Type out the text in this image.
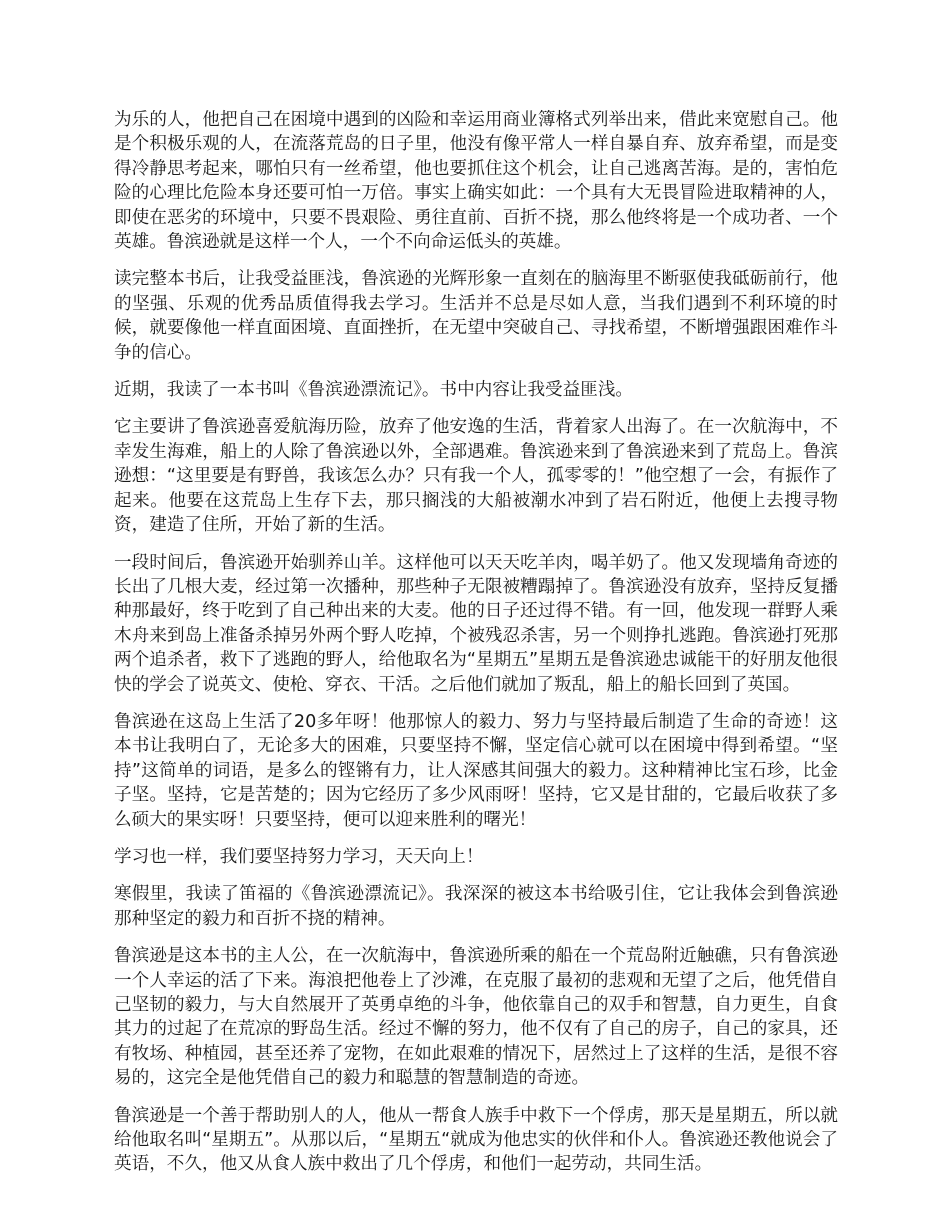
为乐的人，他把自己在困境中遇到的凶险和幸运用商业簿格式列举出来，借此来宽慰自己。他是个积极乐观的人，在流落荒岛的日子里，他没有像平常人一样自暴自弃、放弃希望，而是变得冷静思考起来，哪怕只有一丝希望，他也要抓住这个机会，让自己逃离苦海。是的，害怕危险的心理比危险本身还要可怕一万倍。事实上确实如此：一个具有大无畏冒险进取精神的人，即使在恶劣的环境中，只要不畏艰险、勇往直前、百折不挠，那么他终将是一个成功者、一个英雄。鲁滨逊就是这样一个人，一个不向命运低头的英雄。

读完整本书后，让我受益匪浅，鲁滨逊的光辉形象一直刻在的脑海里不断驱使我砥砺前行，他的坚强、乐观的优秀品质值得我去学习。生活并不总是尽如人意，当我们遇到不利环境的时候，就要像他一样直面困境、直面挫折，在无望中突破自己、寻找希望，不断增强跟困难作斗争的信心。

近期，我读了一本书叫《鲁滨逊漂流记》。书中内容让我受益匪浅。

它主要讲了鲁滨逊喜爱航海历险，放弃了他安逸的生活，背着家人出海了。在一次航海中，不幸发生海难，船上的人除了鲁滨逊以外，全部遇难。鲁滨逊来到了鲁滨逊来到了荒岛上。鲁滨逊想：“这里要是有野兽，我该怎么办？只有我一个人，孤零零的！”他空想了一会，有振作了起来。他要在这荒岛上生存下去，那只搁浅的大船被潮水冲到了岩石附近，他便上去搜寻物资，建造了住所，开始了新的生活。

一段时间后，鲁滨逊开始驯养山羊。这样他可以天天吃羊肉，喝羊奶了。他又发现墙角奇迹的长出了几根大麦，经过第一次播种，那些种子无限被糟蹋掉了。鲁滨逊没有放弃，坚持反复播种那最好，终于吃到了自己种出来的大麦。他的日子还过得不错。有一回，他发现一群野人乘木舟来到岛上准备杀掉另外两个野人吃掉，个被残忍杀害，另一个则挣扎逃跑。鲁滨逊打死那两个追杀者，救下了逃跑的野人，给他取名为“星期五”星期五是鲁滨逊忠诚能干的好朋友他很快的学会了说英文、使枪、穿衣、干活。之后他们就加了叛乱，船上的船长回到了英国。

鲁滨逊在这岛上生活了20多年呀！他那惊人的毅力、努力与坚持最后制造了生命的奇迹！这本书让我明白了，无论多大的困难，只要坚持不懈，坚定信心就可以在困境中得到希望。“坚持”这简单的词语，是多么的铿锵有力，让人深感其间强大的毅力。这种精神比宝石珍，比金子坚。坚持，它是苦楚的；因为它经历了多少风雨呀！坚持，它又是甘甜的，它最后收获了多么硕大的果实呀！只要坚持，便可以迎来胜利的曙光！

学习也一样，我们要坚持努力学习，天天向上！

寒假里，我读了笛福的《鲁滨逊漂流记》。我深深的被这本书给吸引住，它让我体会到鲁滨逊那种坚定的毅力和百折不挠的精神。

鲁滨逊是这本书的主人公，在一次航海中，鲁滨逊所乘的船在一个荒岛附近触礁，只有鲁滨逊一个人幸运的活了下来。海浪把他卷上了沙滩，在克服了最初的悲观和无望了之后，他凭借自己坚韧的毅力，与大自然展开了英勇卓绝的斗争，他依靠自己的双手和智慧，自力更生，自食其力的过起了在荒凉的野岛生活。经过不懈的努力，他不仅有了自己的房子，自己的家具，还有牧场、种植园，甚至还养了宠物，在如此艰难的情况下，居然过上了这样的生活，是很不容易的，这完全是他凭借自己的毅力和聪慧的智慧制造的奇迹。

鲁滨逊是一个善于帮助别人的人，他从一帮食人族手中救下一个俘虏，那天是星期五，所以就给他取名叫“星期五”。从那以后，“星期五“就成为他忠实的伙伴和仆人。鲁滨逊还教他说会了英语，不久，他又从食人族中救出了几个俘虏，和他们一起劳动，共同生活。
